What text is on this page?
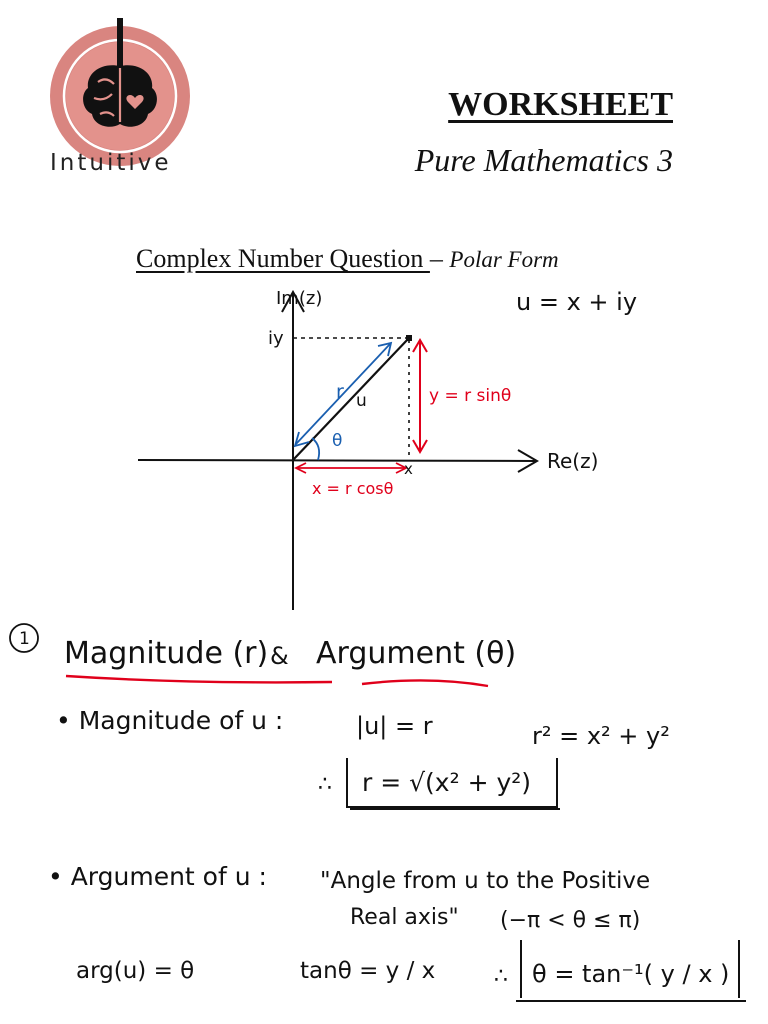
Intuitive
WORKSHEET
Pure Mathematics 3
Complex Number Question – Polar Form
Im(z)
Re(z)
iy
r u
θ
x
y = r sinθ
x = r cosθ
u = x + iy
1 Magnitude (r) & Argument (θ)
• Magnitude of u :	|u| = r	r² = x² + y²
∴ r = √(x² + y²)
• Argument of u : "Angle from u to the Positive
Real axis" (−π < θ ≤ π)
arg(u) = θ	tanθ = y / x	∴ θ = tan⁻¹( y / x )
